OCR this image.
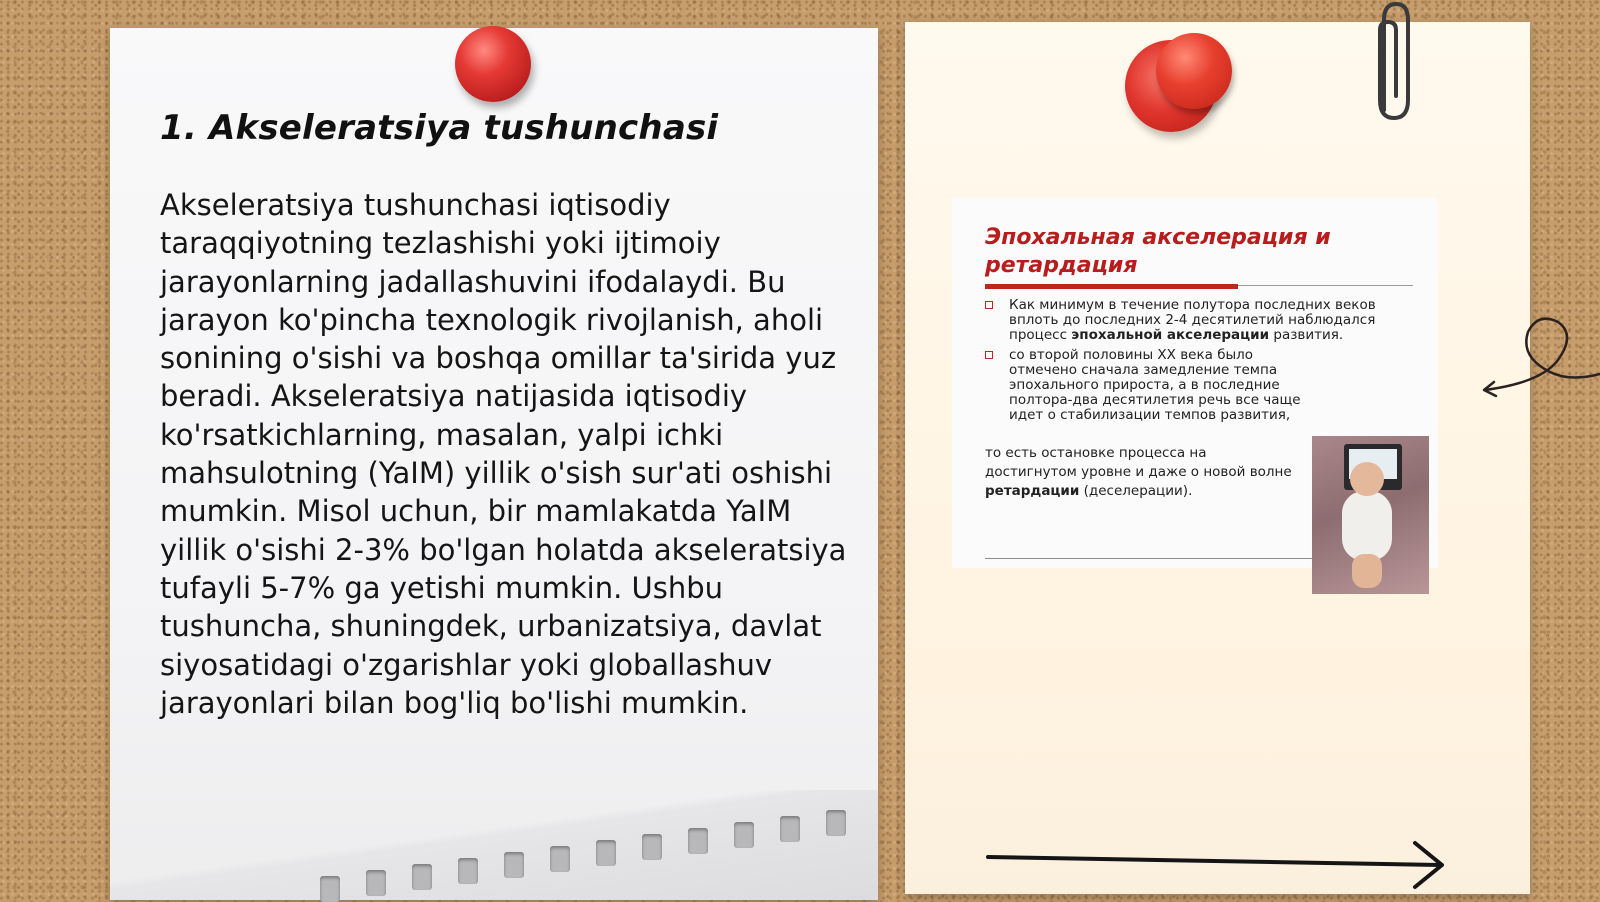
1. Akseleratsiya tushunchasi

Akseleratsiya tushunchasi iqtisodiy taraqqiyotning tezlashishi yoki ijtimoiy jarayonlarning jadallashuvini ifodalaydi. Bu jarayon ko'pincha texnologik rivojlanish, aholi sonining o'sishi va boshqa omillar ta'sirida yuz beradi. Akseleratsiya natijasida iqtisodiy ko'rsatkichlarning, masalan, yalpi ichki mahsulotning (YaIM) yillik o'sish sur'ati oshishi mumkin. Misol uchun, bir mamlakatda YaIM yillik o'sishi 2-3% bo'lgan holatda akseleratsiya tufayli 5-7% ga yetishi mumkin. Ushbu tushuncha, shuningdek, urbanizatsiya, davlat siyosatidagi o'zgarishlar yoki globallashuv jarayonlari bilan bog'liq bo'lishi mumkin.

Эпохальная акселерация и ретардация
Как минимум в течение полутора последних веков вплоть до последних 2-4 десятилетий наблюдался процесс эпохальной акселерации развития.
со второй половины XX века было отмечено сначала замедление темпа эпохального прироста, а в последние полтора-два десятилетия речь все чаще идет о стабилизации темпов развития,
то есть остановке процесса на достигнутом уровне и даже о новой волне ретардации (деселерации).
